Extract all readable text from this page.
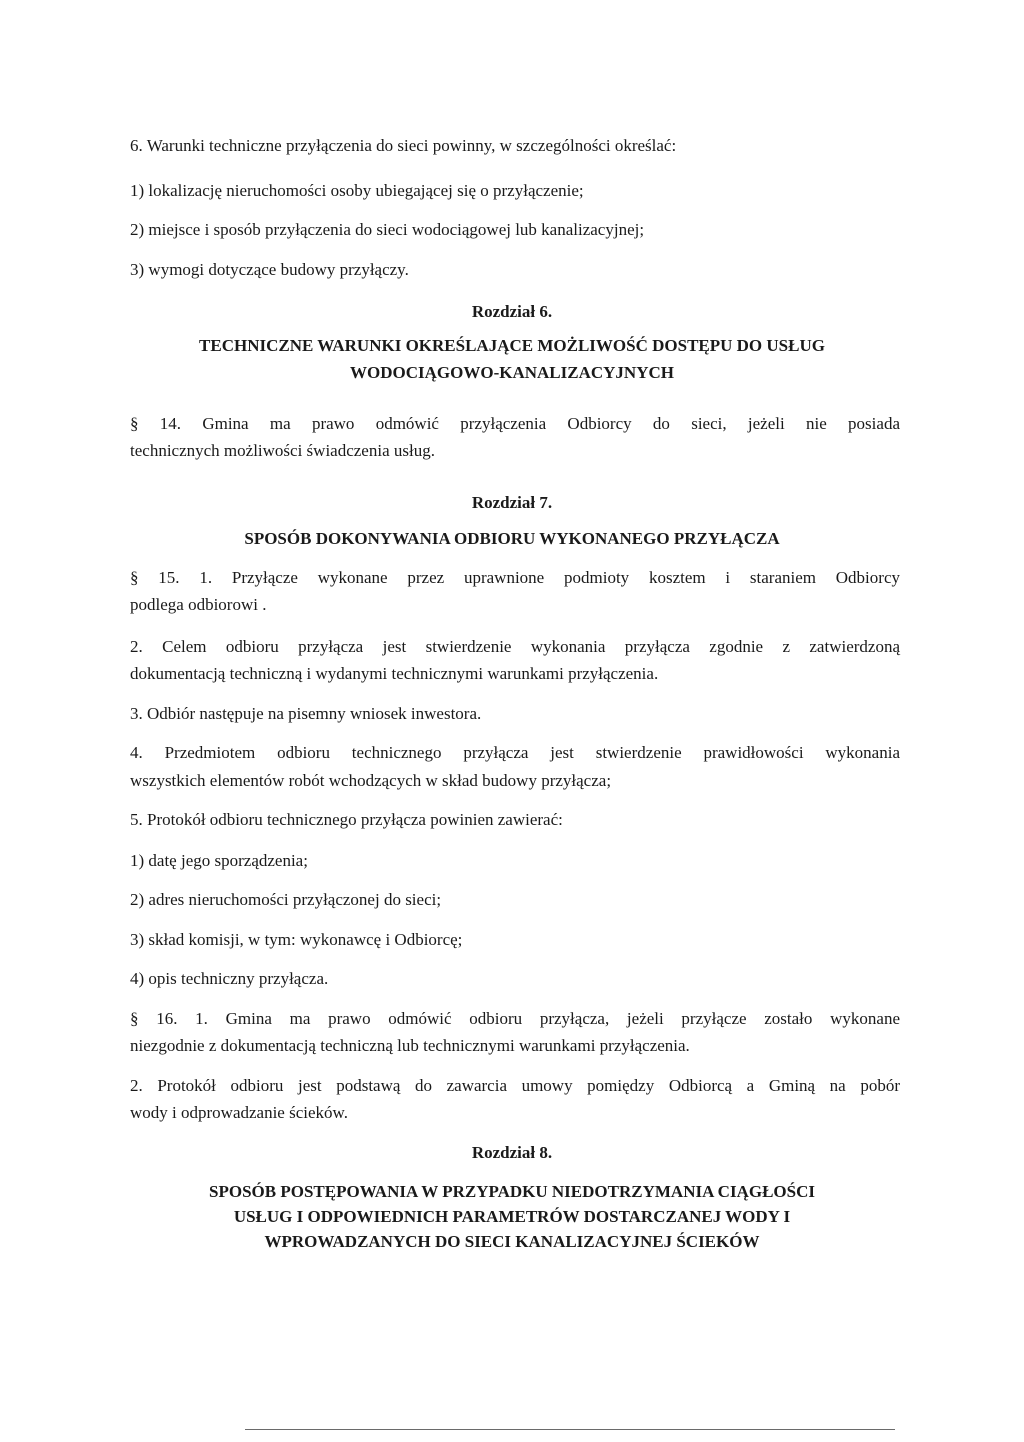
6. Warunki techniczne przyłączenia do sieci powinny, w szczególności określać:
1) lokalizację nieruchomości osoby ubiegającej się o przyłączenie;
2) miejsce i sposób przyłączenia do sieci wodociągowej lub kanalizacyjnej;
3) wymogi dotyczące budowy przyłączy.
Rozdział 6.
TECHNICZNE WARUNKI OKREŚLAJĄCE MOŻLIWOŚĆ DOSTĘPU DO USŁUG
WODOCIĄGOWO-KANALIZACYJNYCH
§ 14. Gmina ma prawo odmówić przyłączenia Odbiorcy do sieci, jeżeli nie posiada
technicznych możliwości świadczenia usług.
Rozdział 7.
SPOSÓB DOKONYWANIA ODBIORU WYKONANEGO PRZYŁĄCZA
§ 15. 1. Przyłącze wykonane przez uprawnione podmioty kosztem i staraniem Odbiorcy
podlega odbiorowi .
2. Celem odbioru przyłącza jest stwierdzenie wykonania przyłącza zgodnie z zatwierdzoną
dokumentacją techniczną i wydanymi technicznymi warunkami przyłączenia.
3. Odbiór następuje na pisemny wniosek inwestora.
4. Przedmiotem odbioru technicznego przyłącza jest stwierdzenie prawidłowości wykonania
wszystkich elementów robót wchodzących w skład budowy przyłącza;
5. Protokół odbioru technicznego przyłącza powinien zawierać:
1) datę jego sporządzenia;
2) adres nieruchomości przyłączonej do sieci;
3) skład komisji, w tym: wykonawcę i Odbiorcę;
4) opis techniczny przyłącza.
§ 16. 1. Gmina ma prawo odmówić odbioru przyłącza, jeżeli przyłącze zostało wykonane
niezgodnie z dokumentacją techniczną lub technicznymi warunkami przyłączenia.
2. Protokół odbioru jest podstawą do zawarcia umowy pomiędzy Odbiorcą a Gminą na pobór
wody i odprowadzanie ścieków.
Rozdział 8.
SPOSÓB POSTĘPOWANIA W PRZYPADKU NIEDOTRZYMANIA CIĄGŁOŚCI
USŁUG I ODPOWIEDNICH PARAMETRÓW DOSTARCZANEJ WODY I
WPROWADZANYCH DO SIECI KANALIZACYJNEJ ŚCIEKÓW
